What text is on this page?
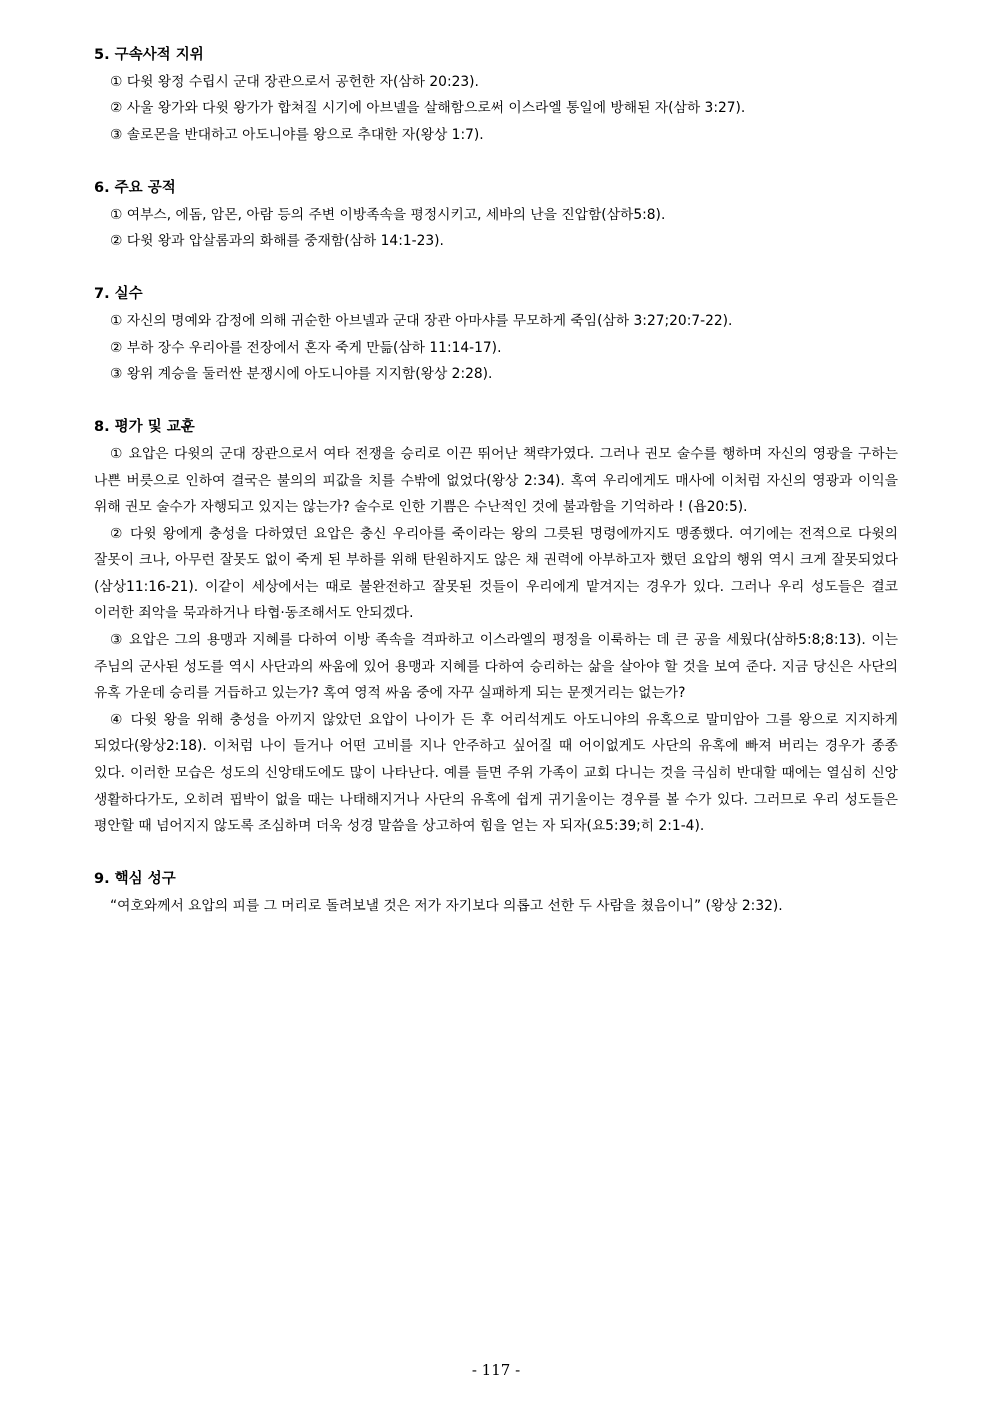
5. 구속사적 지위

① 다윗 왕정 수립시 군대 장관으로서 공헌한 자(삼하 20:23).

② 사울 왕가와 다윗 왕가가 합쳐질 시기에 아브넬을 살해함으로써 이스라엘 통일에 방해된 자(삼하 3:27).

③ 솔로몬을 반대하고 아도니야를 왕으로 추대한 자(왕상 1:7).

6. 주요 공적

① 여부스, 에돔, 암몬, 아람 등의 주변 이방족속을 평정시키고, 세바의 난을 진압함(삼하5:8).

② 다윗 왕과 압살롬과의 화해를 중재함(삼하 14:1-23).

7. 실수

① 자신의 명예와 감정에 의해 귀순한 아브넬과 군대 장관 아마샤를 무모하게 죽임(삼하 3:27;20:7-22).

② 부하 장수 우리아를 전장에서 혼자 죽게 만듦(삼하 11:14-17).

③ 왕위 계승을 둘러싼 분쟁시에 아도니야를 지지함(왕상 2:28).

8. 평가 및 교훈

① 요압은 다윗의 군대 장관으로서 여타 전쟁을 승리로 이끈 뛰어난 책략가였다. 그러나 권모 술수를 행하며 자신의 영광을 구하는 나쁜 버릇으로 인하여 결국은 불의의 피값을 치를 수밖에 없었다(왕상 2:34). 혹여 우리에게도 매사에 이처럼 자신의 영광과 이익을 위해 권모 술수가 자행되고 있지는 않는가? 술수로 인한 기쁨은 수난적인 것에 불과함을 기억하라 ! (욥20:5).

② 다윗 왕에게 충성을 다하였던 요압은 충신 우리아를 죽이라는 왕의 그릇된 명령에까지도 맹종했다. 여기에는 전적으로 다윗의 잘못이 크나, 아무런 잘못도 없이 죽게 된 부하를 위해 탄원하지도 않은 채 권력에 아부하고자 했던 요압의 행위 역시 크게 잘못되었다(삼상11:16-21). 이같이 세상에서는 때로 불완전하고 잘못된 것들이 우리에게 맡겨지는 경우가 있다. 그러나 우리 성도들은 결코 이러한 죄악을 묵과하거나 타협·동조해서도 안되겠다.

③ 요압은 그의 용맹과 지혜를 다하여 이방 족속을 격파하고 이스라엘의 평정을 이룩하는 데 큰 공을 세웠다(삼하5:8;8:13). 이는 주님의 군사된 성도를 역시 사단과의 싸움에 있어 용맹과 지혜를 다하여 승리하는 삶을 살아야 할 것을 보여 준다. 지금 당신은 사단의 유혹 가운데 승리를 거듭하고 있는가? 혹여 영적 싸움 중에 자꾸 실패하게 되는 문젯거리는 없는가?

④ 다윗 왕을 위해 충성을 아끼지 않았던 요압이 나이가 든 후 어리석게도 아도니야의 유혹으로 말미암아 그를 왕으로 지지하게 되었다(왕상2:18). 이처럼 나이 들거나 어떤 고비를 지나 안주하고 싶어질 때 어이없게도 사단의 유혹에 빠져 버리는 경우가 종종 있다. 이러한 모습은 성도의 신앙태도에도 많이 나타난다. 예를 들면 주위 가족이 교회 다니는 것을 극심히 반대할 때에는 열심히 신앙 생활하다가도, 오히려 핍박이 없을 때는 나태해지거나 사단의 유혹에 쉽게 귀기울이는 경우를 볼 수가 있다. 그러므로 우리 성도들은 평안할 때 넘어지지 않도록 조심하며 더욱 성경 말씀을 상고하여 힘을 얻는 자 되자(요5:39;히 2:1-4).

9. 핵심 성구

“여호와께서 요압의 피를 그 머리로 돌려보낼 것은 저가 자기보다 의롭고 선한 두 사람을 쳤음이니” (왕상 2:32).

- 117 -
